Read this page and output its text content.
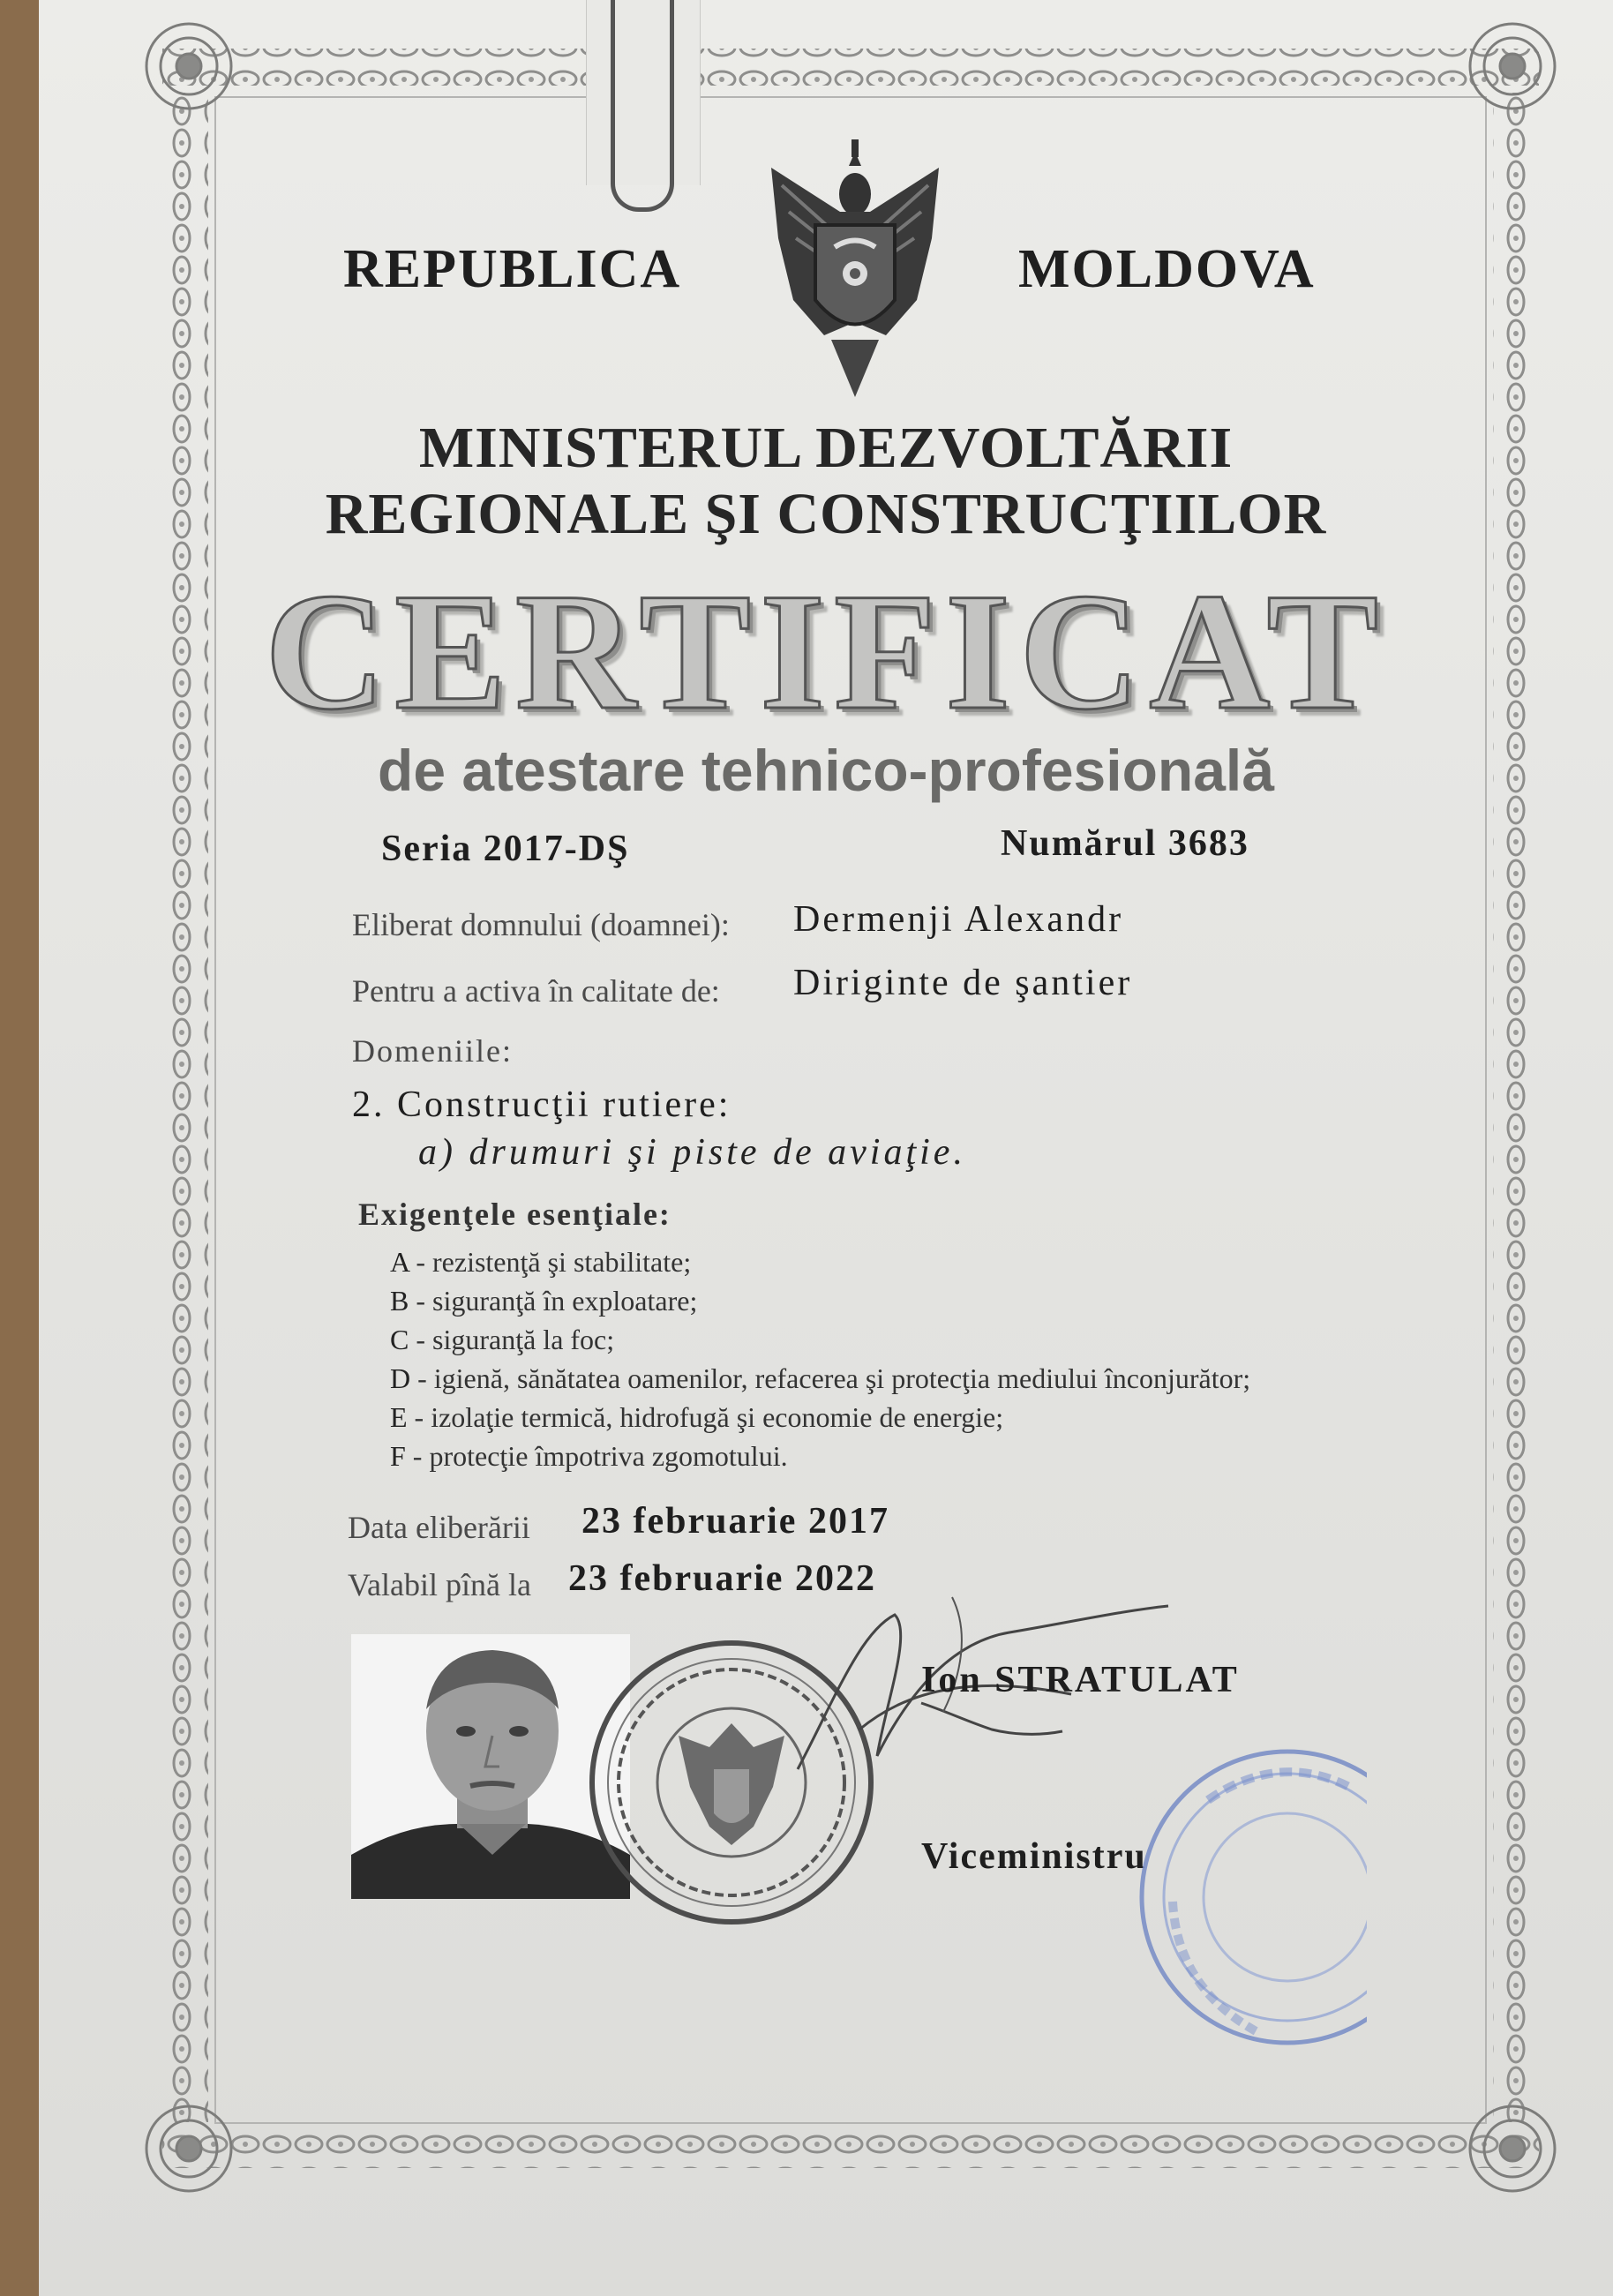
REPUBLICA	MOLDOVA
MINISTERUL DEZVOLTĂRII
REGIONALE ŞI CONSTRUCŢIILOR
CERTIFICAT
de atestare tehnico-profesională
Seria 2017-DŞ	Numărul 3683
Eliberat domnului (doamnei): Dermenji Alexandr
Pentru a activa în calitate de: Diriginte de şantier
Domeniile:
2. Construcţii rutiere:
a) drumuri şi piste de aviaţie.
Exigenţele esenţiale:
A - rezistenţă şi stabilitate;
B - siguranţă în exploatare;
C - siguranţă la foc;
D - igienă, sănătatea oamenilor, refacerea şi protecţia mediului înconjurător;
E - izolaţie termică, hidrofugă şi economie de energie;
F - protecţie împotriva zgomotului.
Data eliberării 23 februarie 2017
Valabil pînă la 23 februarie 2022
Ion STRATULAT
Viceministru
